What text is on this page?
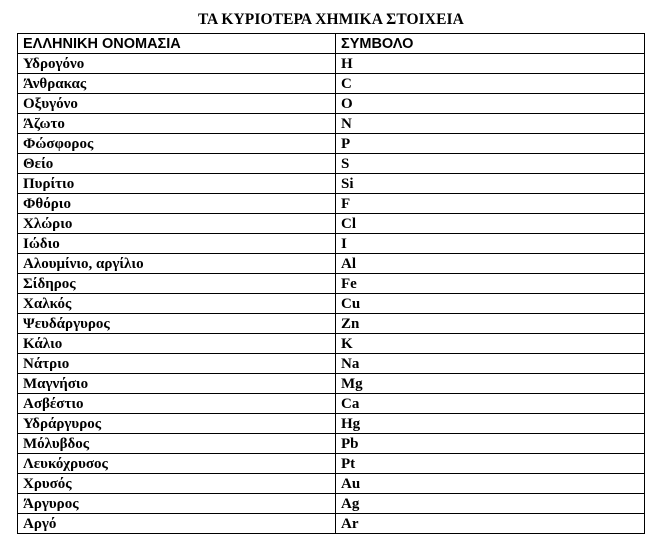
ΤΑ ΚΥΡΙΟΤΕΡΑ ΧΗΜΙΚΑ ΣΤΟΙΧΕΙΑ
ΕΛΛΗΝΙΚΗ ΟΝΟΜΑΣΙΑ	ΣΥΜΒΟΛΟ
Υδρογόνο	H
Άνθρακας	C
Οξυγόνο	O
Άζωτο	N
Φώσφορος	P
Θείο	S
Πυρίτιο	Si
Φθόριο	F
Χλώριο	Cl
Ιώδιο	I
Αλουμίνιο, αργίλιο	Al
Σίδηρος	Fe
Χαλκός	Cu
Ψευδάργυρος	Zn
Κάλιο	K
Νάτριο	Na
Μαγνήσιο	Mg
Ασβέστιο	Ca
Υδράργυρος	Hg
Μόλυβδος	Pb
Λευκόχρυσος	Pt
Χρυσός	Au
Άργυρος	Ag
Αργό	Ar
